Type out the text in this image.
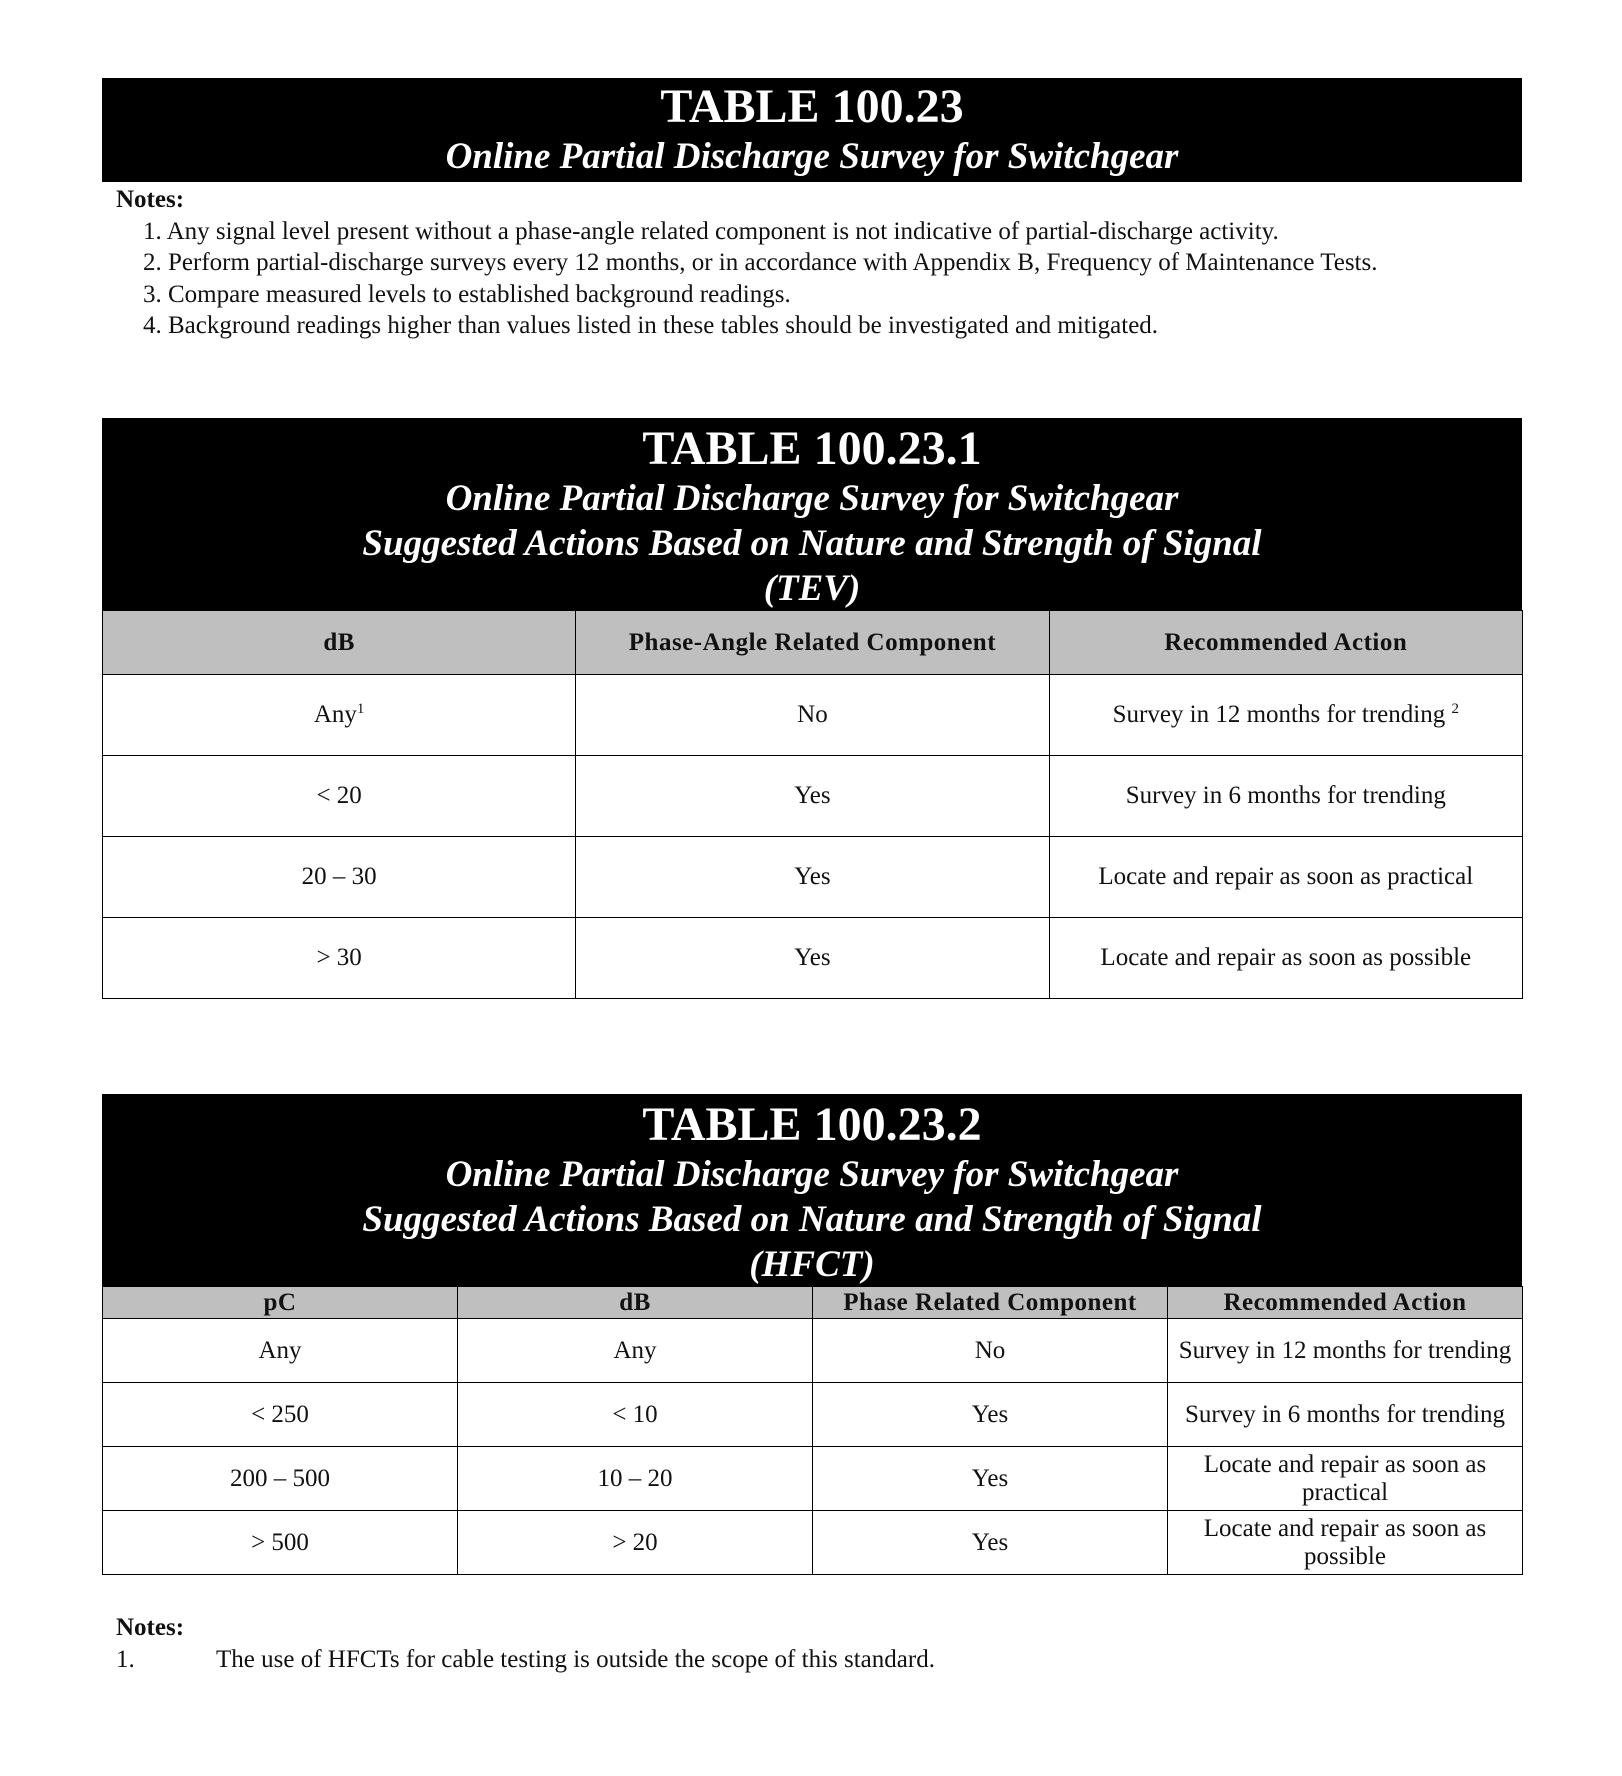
TABLE 100.23
Online Partial Discharge Survey for Switchgear
Notes:
1. Any signal level present without a phase-angle related component is not indicative of partial-discharge activity.
2. Perform partial-discharge surveys every 12 months, or in accordance with Appendix B, Frequency of Maintenance Tests.
3. Compare measured levels to established background readings.
4. Background readings higher than values listed in these tables should be investigated and mitigated.
TABLE 100.23.1
Online Partial Discharge Survey for Switchgear
Suggested Actions Based on Nature and Strength of Signal
(TEV)
dB	Phase-Angle Related Component	Recommended Action
Any$^1$	No	Survey in 12 months for trending $^2$
< 20	Yes	Survey in 6 months for trending
20 – 30	Yes	Locate and repair as soon as practical
> 30	Yes	Locate and repair as soon as possible
TABLE 100.23.2
Online Partial Discharge Survey for Switchgear
Suggested Actions Based on Nature and Strength of Signal
(HFCT)
pC	dB	Phase Related Component	Recommended Action
Any	Any	No	Survey in 12 months for trending
< 250	< 10	Yes	Survey in 6 months for trending
200 – 500	10 – 20	Yes	Locate and repair as soon as practical
> 500	> 20	Yes	Locate and repair as soon as possible
Notes:
1.	The use of HFCTs for cable testing is outside the scope of this standard.
